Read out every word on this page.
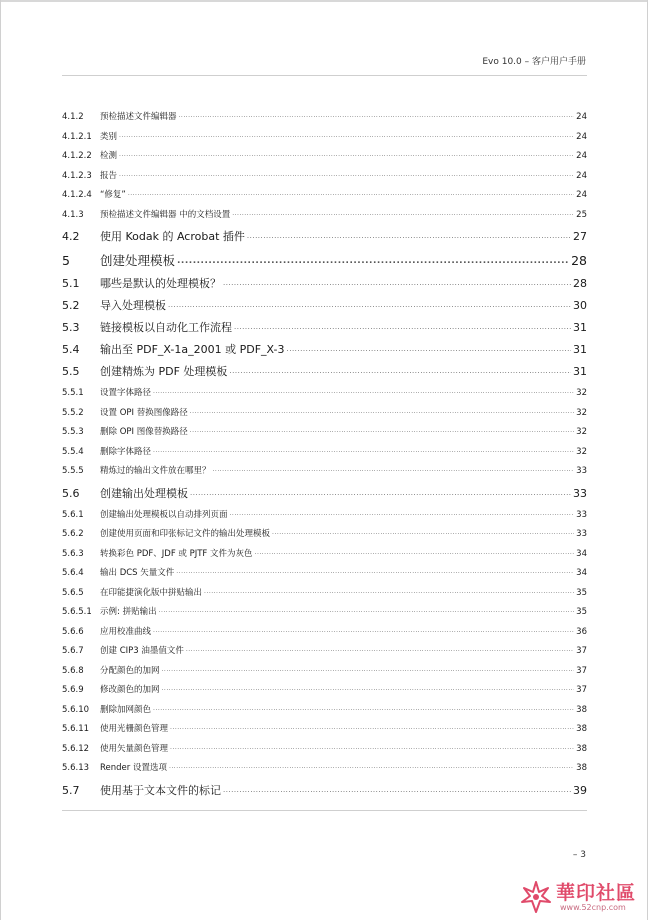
Evo 10.0 – 客户用户手册
4.1.2	预检描述文件编辑器 .....	24
4.1.2.1 类别 .....	24
4.1.2.2 检测 .....	24
4.1.2.3 报告 .....	24
4.1.2.4 “修复” .....	24
4.1.3	预检描述文件编辑器 中的文档设置 .....	25
4.2	使用 Kodak 的 Acrobat 插件 .....	27
5	创建处理模板 .....	28
5.1	哪些是默认的处理模板？ .....	28
5.2	导入处理模板 .....	30
5.3	链接模板以自动化工作流程 .....	31
5.4	输出至 PDF_X-1a_2001 或 PDF_X-3 .....	31
5.5	创建精炼为 PDF 处理模板 .....	31
5.5.1	设置字体路径 .....	32
5.5.2	设置 OPI 替换图像路径 .....	32
5.5.3	删除 OPI 图像替换路径 .....	32
5.5.4	删除字体路径 .....	32
5.5.5	精炼过的输出文件放在哪里？ .....	33
5.6	创建输出处理模板 .....	33
5.6.1	创建输出处理模板以自动排列页面 .....	33
5.6.2	创建使用页面和印张标记文件的输出处理模板 .....	33
5.6.3	转换彩色 PDF、JDF 或 PJTF 文件为灰色 .....	34
5.6.4	输出 DCS 矢量文件 .....	34
5.6.5	在印能捷演化版中拼贴输出 .....	35
5.6.5.1 示例: 拼贴输出 .....	35
5.6.6	应用校准曲线 .....	36
5.6.7	创建 CIP3 油墨值文件 .....	37
5.6.8	分配颜色的加网 .....	37
5.6.9	修改颜色的加网 .....	37
5.6.10	删除加网颜色 .....	38
5.6.11	使用光栅颜色管理 .....	38
5.6.12	使用矢量颜色管理 .....	38
5.6.13	Render 设置选项 .....	38
5.7	使用基于文本文件的标记 .....	39
– 3
華印社區
www.52cnp.com
